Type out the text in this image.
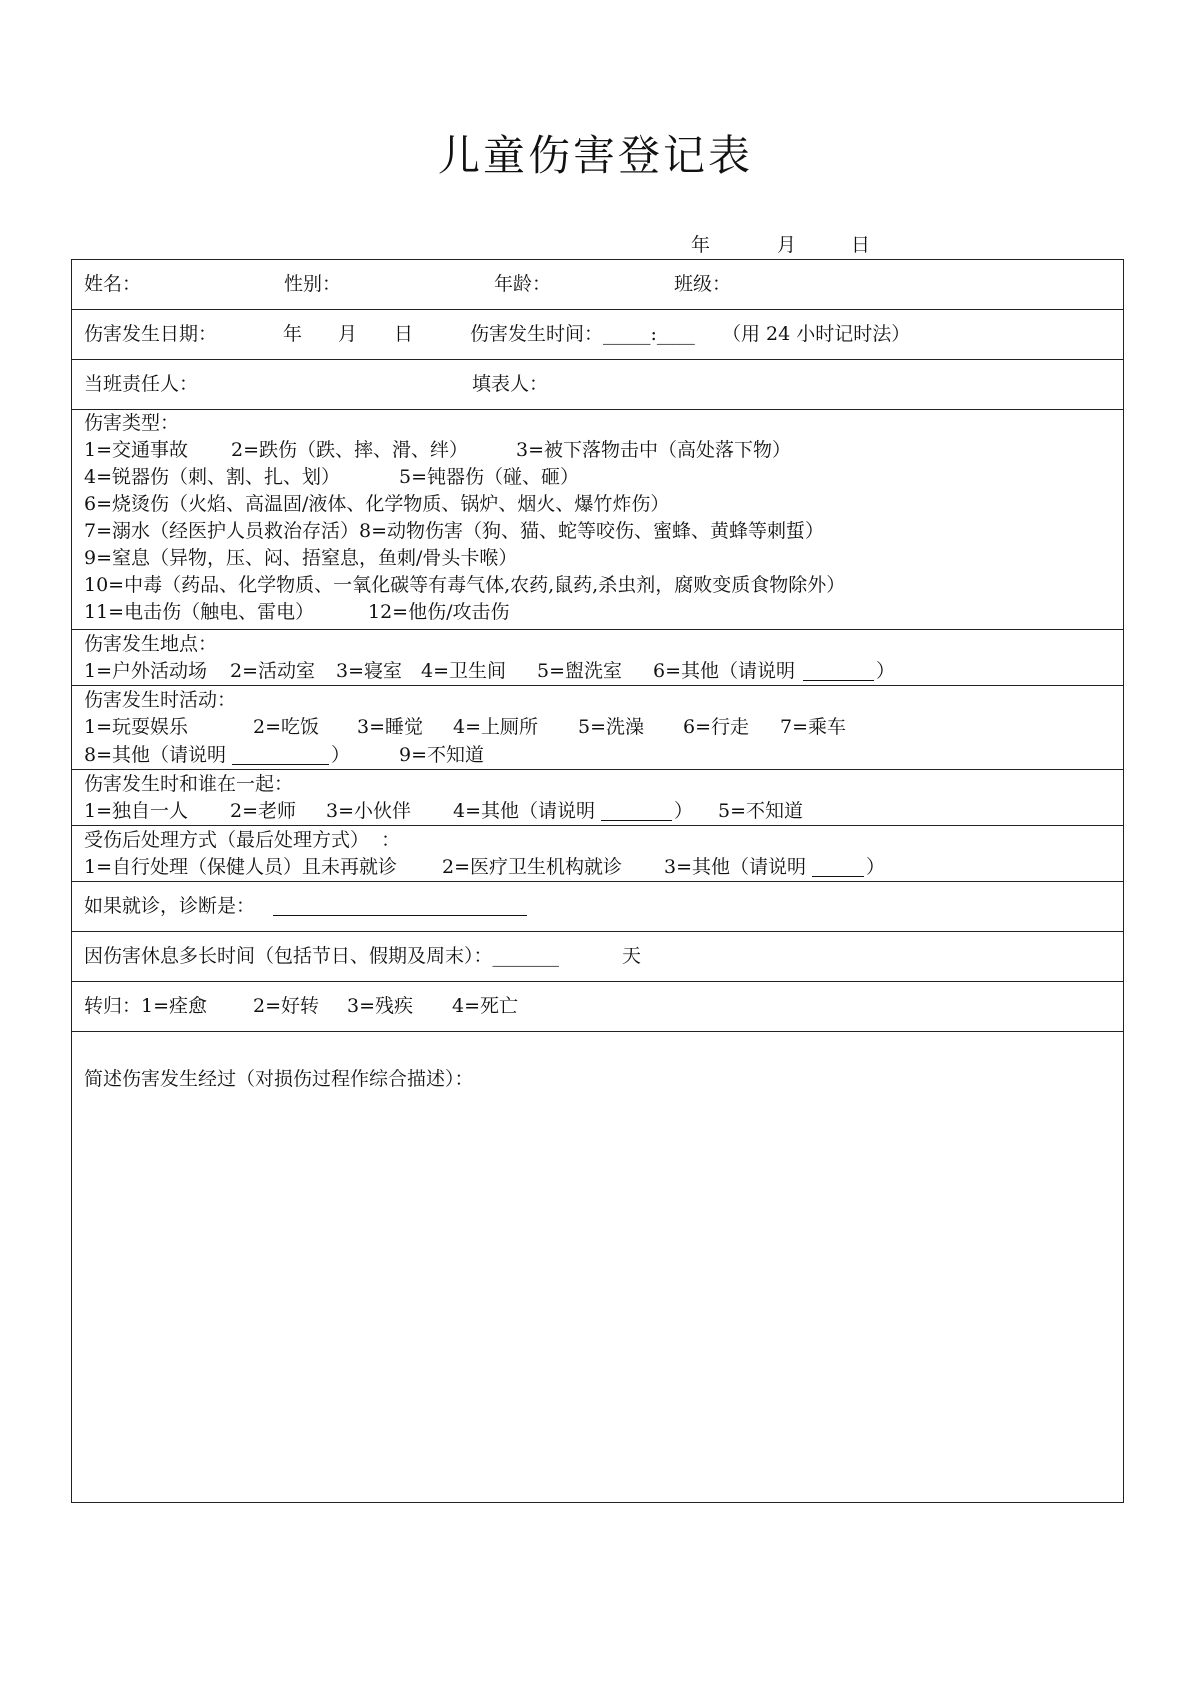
儿童伤害登记表
年	月	日
姓名：	性别：	年龄：	班级：
伤害发生日期：	年 月 日	伤害发生时间：_____:____ （用 24 小时记时法）
当班责任人：	填表人：
伤害类型：
1=交通事故 2=跌伤（跌、摔、滑、绊）	3=被下落物击中（高处落下物）
4=锐器伤（刺、割、扎、划）	5=钝器伤（碰、砸）
6=烧烫伤（火焰、高温固/液体、化学物质、锅炉、烟火、爆竹炸伤）
7=溺水（经医护人员救治存活）8=动物伤害（狗、猫、蛇等咬伤、蜜蜂、黄蜂等刺蜇）
9=窒息（异物，压、闷、捂窒息，鱼刺/骨头卡喉）
10=中毒（药品、化学物质、一氧化碳等有毒气体,农药,鼠药,杀虫剂，腐败变质食物除外）
11=电击伤（触电、雷电）	12=他伤/攻击伤
伤害发生地点：
1=户外活动场 2=活动室 3=寝室 4=卫生间 5=盥洗室 6=其他（请说明	）
伤害发生时活动：
1=玩耍娱乐	2=吃饭 3=睡觉 4=上厕所 5=洗澡 6=行走 7=乘车
8=其他（请说明	）	9=不知道
伤害发生时和谁在一起：
1=独自一人 2=老师 3=小伙伴 4=其他（请说明	） 5=不知道
受伤后处理方式（最后处理方式）  ：
1=自行处理（保健人员）且未再就诊 2=医疗卫生机构就诊 3=其他（请说明	）
如果就诊，诊断是：
因伤害休息多长时间（包括节日、假期及周末）：_______	天
转归： 1=痊愈 2=好转 3=残疾 4=死亡
简述伤害发生经过（对损伤过程作综合描述）：
